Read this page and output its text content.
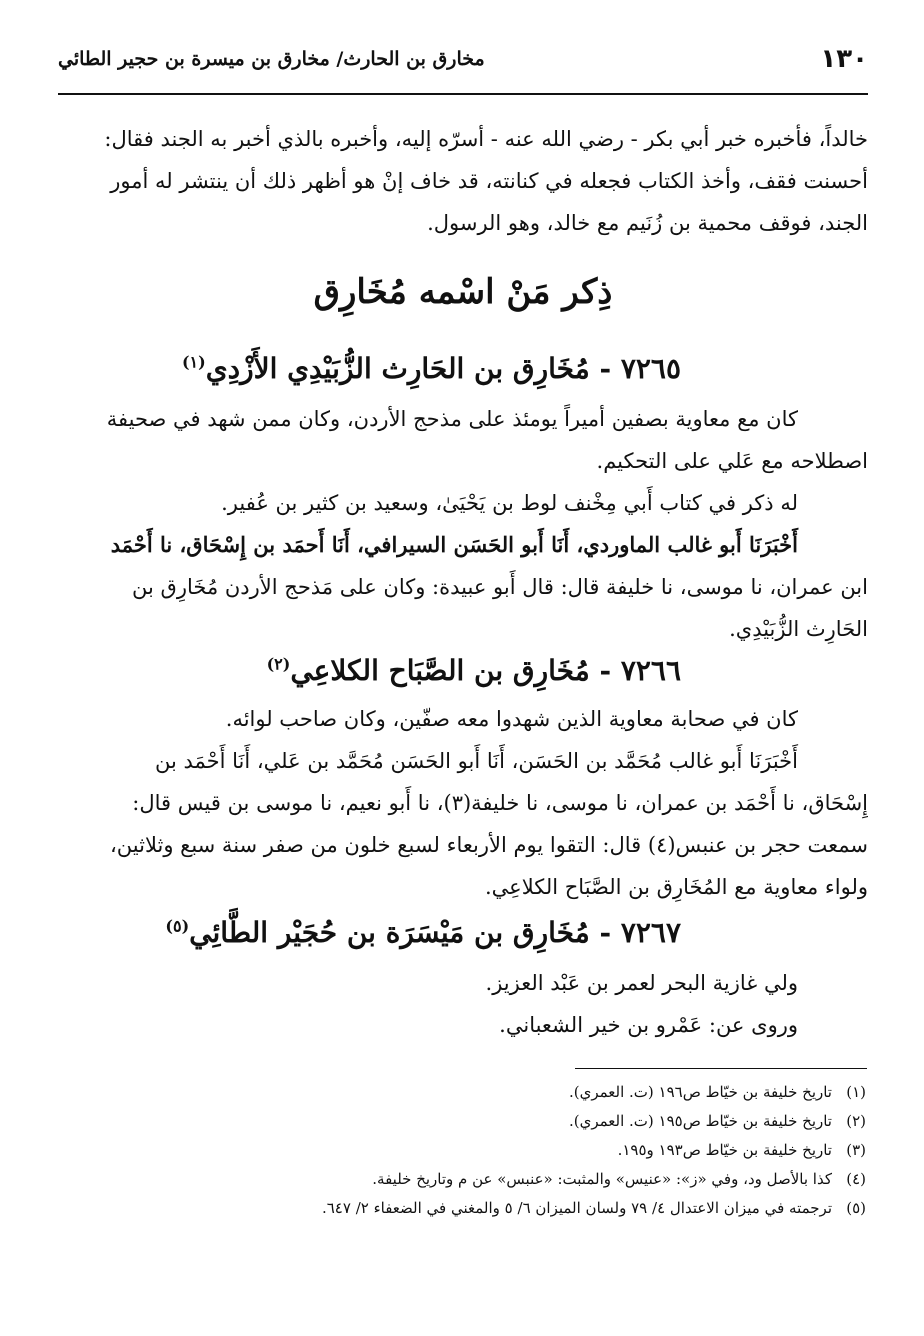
١٣٠
مخارق بن الحارث/ مخارق بن ميسرة بن حجير الطائي
خالداً، فأخبره خبر أبي بكر - رضي الله عنه - أسرّه إليه، وأخبره بالذي أخبر به الجند فقال:
أحسنت فقف، وأخذ الكتاب فجعله في كنانته، قد خاف إنْ هو أظهر ذلك أن ينتشر له أمور
الجند، فوقف محمية بن زُنَيم مع خالد، وهو الرسول.
ذِكر مَنْ اسْمه مُخَارِق
٧٢٦٥ - مُخَارِق بن الحَارِث الزُّبَيْدِي الأَزْدِي$^{(١)}$
كان مع معاوية بصفين أميراً يومئذ على مذحج الأردن، وكان ممن شهد في صحيفة
اصطلاحه مع عَلي على التحكيم.
له ذكر في كتاب أَبي مِخْنف لوط بن يَحْيَىٰ، وسعيد بن كثير بن عُفير.
أَخْبَرَنَا أَبو غالب الماوردي، أَنَا أَبو الحَسَن السيرافي، أَنَا أَحمَد بن إِسْحَاق، نا أَحْمَد
ابن عمران، نا موسى، نا خليفة قال: قال أَبو عبيدة: وكان على مَذحج الأردن مُخَارِق بن
الحَارِث الزُّبَيْدِي.
٧٢٦٦ - مُخَارِق بن الصَّبَاح الكلاعِي$^{(٢)}$
كان في صحابة معاوية الذين شهدوا معه صفّين، وكان صاحب لوائه.
أَخْبَرَنَا أَبو غالب مُحَمَّد بن الحَسَن، أَنَا أَبو الحَسَن مُحَمَّد بن عَلي، أَنَا أَحْمَد بن
إِسْحَاق، نا أَحْمَد بن عمران، نا موسى، نا خليفة(٣)، نا أَبو نعيم، نا موسى بن قيس قال:
سمعت حجر بن عنبس(٤) قال: التقوا يوم الأربعاء لسبع خلون من صفر سنة سبع وثلاثين،
ولواء معاوية مع المُخَارِق بن الصَّبَاح الكلاعِي.
٧٢٦٧ - مُخَارِق بن مَيْسَرَة بن حُجَيْر الطَّائِي$^{(٥)}$
ولي غازية البحر لعمر بن عَبْد العزيز.
وروى عن: عَمْرو بن خير الشعباني.
(١)تاريخ خليفة بن خيّاط ص١٩٦ (ت. العمري).
(٢)تاريخ خليفة بن خيّاط ص١٩٥ (ت. العمري).
(٣)تاريخ خليفة بن خيّاط ص١٩٣ و١٩٥.
(٤)كذا بالأصل ود، وفي «ز»: «عنيس» والمثبت: «عنبس» عن م وتاريخ خليفة.
(٥)ترجمته في ميزان الاعتدال ٤/ ٧٩ ولسان الميزان ٦/ ٥ والمغني في الضعفاء ٢/ ٦٤٧.
